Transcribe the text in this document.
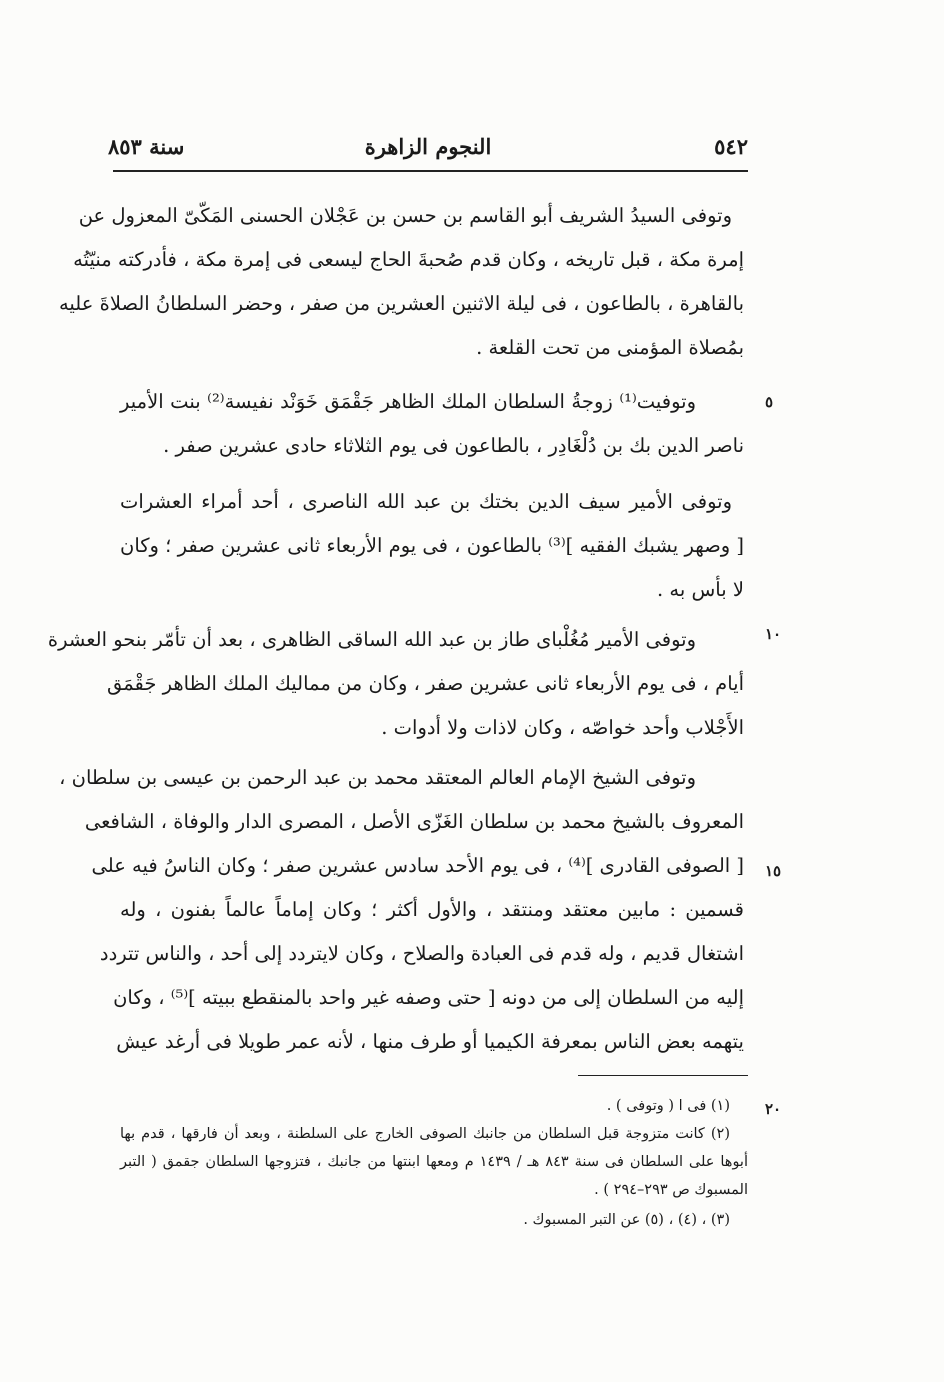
٥٤٢
النجوم الزاهرة
سنة ٨٥٣
٥
١٠
١٥
٢٠
وتوفى السيدُ الشريف أبو القاسم بن حسن بن عَجْلان الحسنى المَكّىّ المعزول عن
إمرة مكة ، قبل تاريخه ، وكان قدم صُحبةَ الحاج ليسعى فى إمرة مكة ، فأدركته منيّتُه
بالقاهرة ، بالطاعون ، فى ليلة الاثنين العشرين من صفر ، وحضر السلطانُ الصلاةَ عليه
بمُصلاة المؤمنى من تحت القلعة .
وتوفيت⁽¹⁾ زوجةُ السلطان الملك الظاهر جَقْمَق خَوَنْد نفيسة⁽²⁾ بنت الأمير
ناصر الدين بك بن دُلْغَادِر ، بالطاعون فى يوم الثلاثاء حادى عشرين صفر .
وتوفى الأمير سيف الدين بختك بن عبد الله الناصرى ، أحد أمراء العشرات
[ وصهر يشبك الفقيه ]⁽³⁾ بالطاعون ، فى يوم الأربعاء ثانى عشرين صفر ؛ وكان
لا بأس به .
وتوفى الأمير مُغُلْباى طاز بن عبد الله الساقى الظاهرى ، بعد أن تأمّر بنحو العشرة
أيام ، فى يوم الأربعاء ثانى عشرين صفر ، وكان من مماليك الملك الظاهر جَقْمَق
الأَجْلاب وأحد خواصّه ، وكان لاذات ولا أدوات .
وتوفى الشيخ الإمام العالم المعتقد محمد بن عبد الرحمن بن عيسى بن سلطان ،
المعروف بالشيخ محمد بن سلطان الغَزّى الأصل ، المصرى الدار والوفاة ، الشافعى
[ الصوفى القادرى ]⁽⁴⁾ ، فى يوم الأحد سادس عشرين صفر ؛ وكان الناسُ فيه على
قسمين : مابين معتقد ومنتقد ، والأول أكثر ؛ وكان إماماً عالماً بفنون ، وله
اشتغال قديم ، وله قدم فى العبادة والصلاح ، وكان لايتردد إلى أحد ، والناس تتردد
إليه من السلطان إلى من دونه [ حتى وصفه غير واحد بالمنقطع ببيته ]⁽⁵⁾ ، وكان
يتهمه بعض الناس بمعرفة الكيميا أو طرف منها ، لأنه عمر طويلا فى أرغد عيش
(١) فى ا ( وتوفى ) .
(٢) كانت متزوجة قبل السلطان من جانبك الصوفى الخارج على السلطنة ، وبعد أن فارقها ، قدم بها
أبوها على السلطان فى سنة ٨٤٣ هـ / ١٤٣٩ م ومعها ابنتها من جانبك ، فتزوجها السلطان جقمق ( التبر
المسبوك ص ٢٩٣–٢٩٤ ) .
(٣) ، (٤) ، (٥) عن التبر المسبوك .
